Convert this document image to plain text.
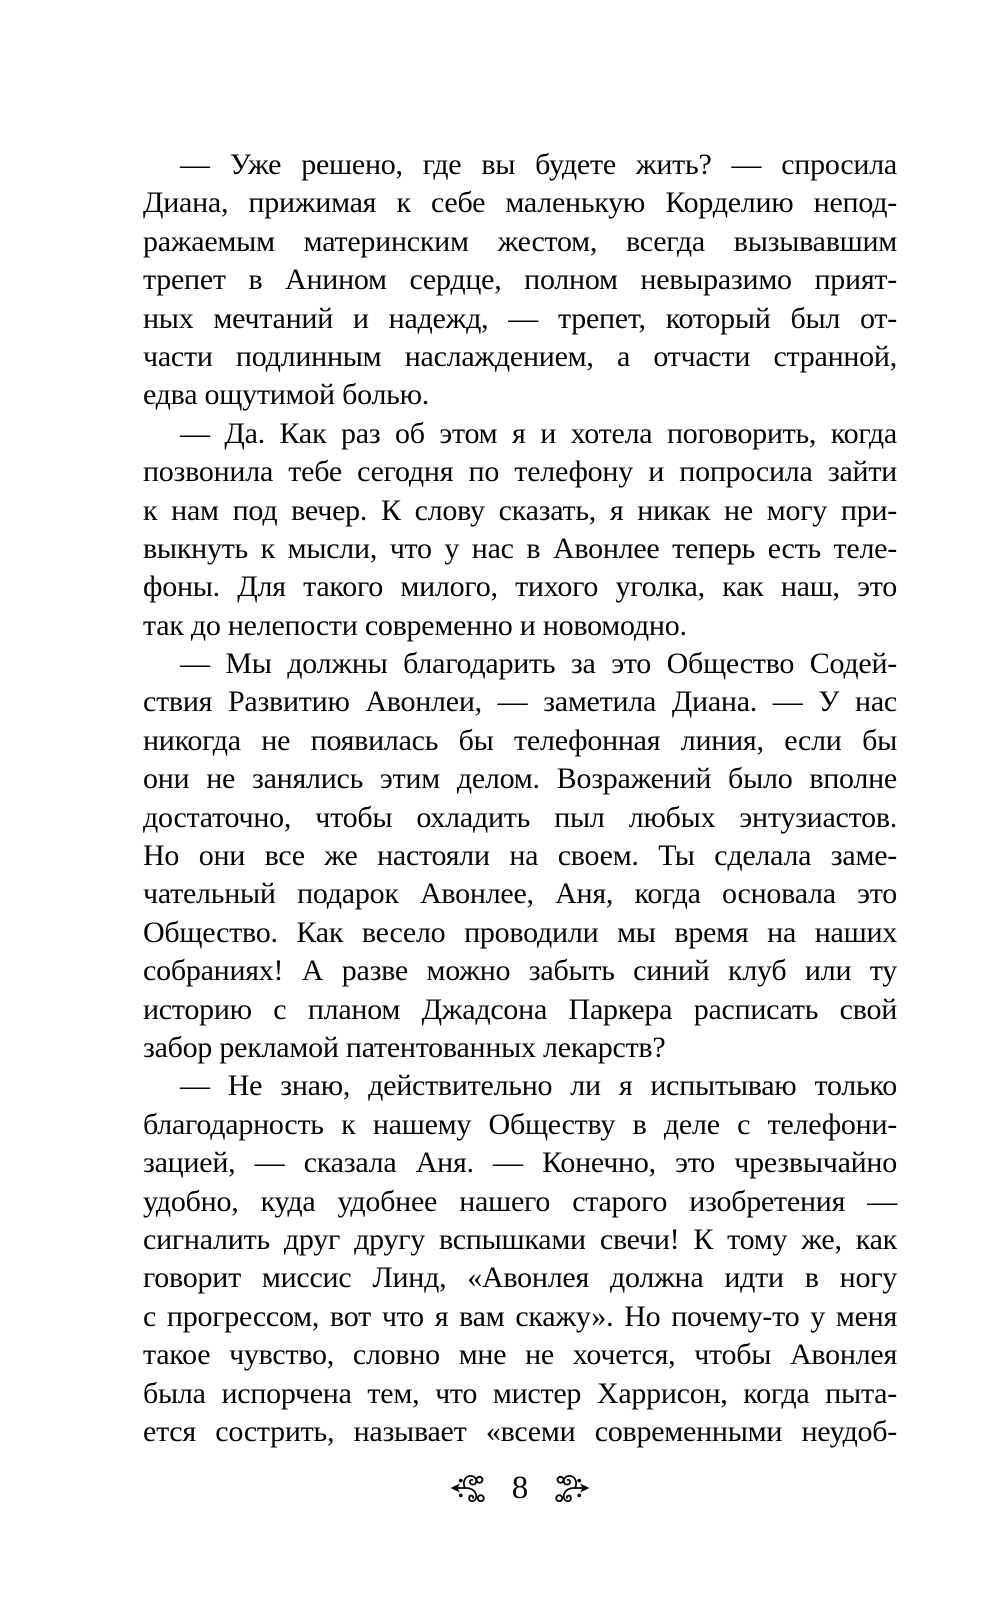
— Уже решено, где вы будете жить? — спросила
Диана, прижимая к себе маленькую Корделию непод-
ражаемым материнским жестом, всегда вызывавшим
трепет в Анином сердце, полном невыразимо прият-
ных мечтаний и надежд, — трепет, который был от-
части подлинным наслаждением, а отчасти странной,
едва ощутимой болью.
— Да. Как раз об этом я и хотела поговорить, когда
позвонила тебе сегодня по телефону и попросила зайти
к нам под вечер. К слову сказать, я никак не могу при-
выкнуть к мысли, что у нас в Авонлее теперь есть теле-
фоны. Для такого милого, тихого уголка, как наш, это
так до нелепости современно и новомодно.
— Мы должны благодарить за это Общество Содей-
ствия Развитию Авонлеи, — заметила Диана. — У нас
никогда не появилась бы телефонная линия, если бы
они не занялись этим делом. Возражений было вполне
достаточно, чтобы охладить пыл любых энтузиастов.
Но они все же настояли на своем. Ты сделала заме-
чательный подарок Авонлее, Аня, когда основала это
Общество. Как весело проводили мы время на наших
собраниях! А разве можно забыть синий клуб или ту
историю с планом Джадсона Паркера расписать свой
забор рекламой патентованных лекарств?
— Не знаю, действительно ли я испытываю только
благодарность к нашему Обществу в деле с телефони-
зацией, — сказала Аня. — Конечно, это чрезвычайно
удобно, куда удобнее нашего старого изобретения —
сигналить друг другу вспышками свечи! К тому же, как
говорит миссис Линд, «Авонлея должна идти в ногу
с прогрессом, вот что я вам скажу». Но почему-то у меня
такое чувство, словно мне не хочется, чтобы Авонлея
была испорчена тем, что мистер Харрисон, когда пыта-
ется сострить, называет «всеми современными неудоб-
8
